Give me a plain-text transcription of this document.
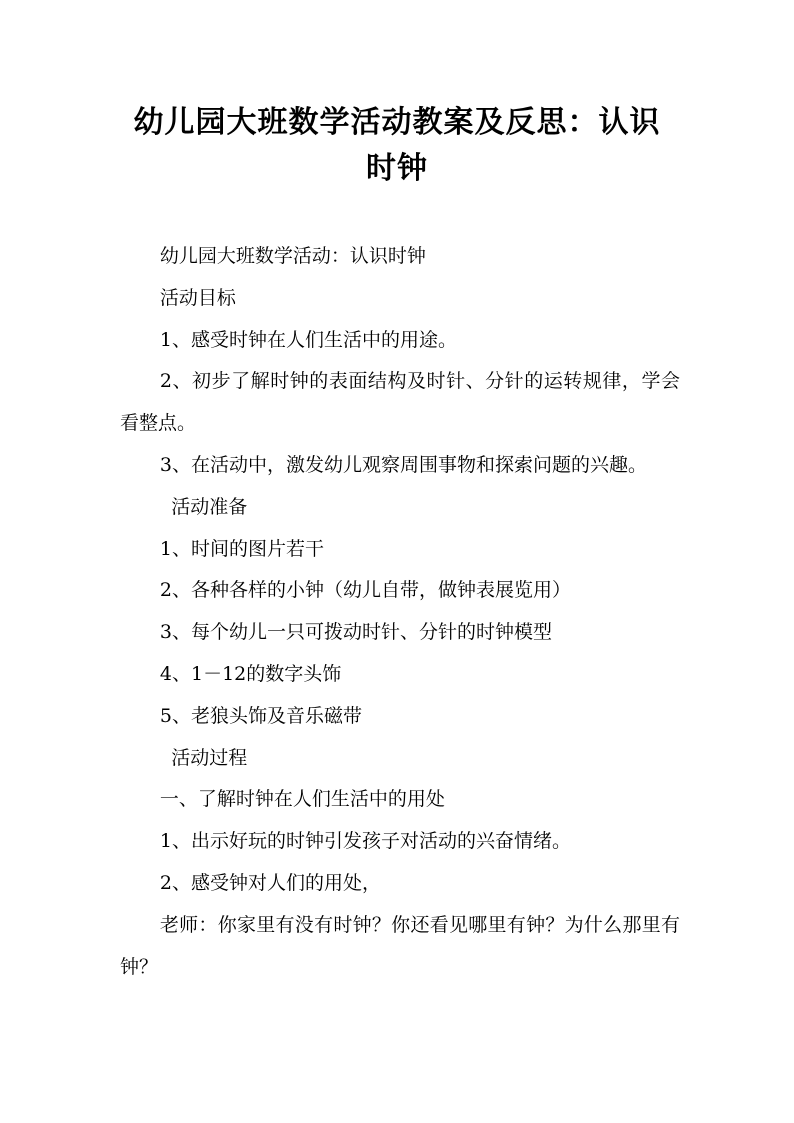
幼儿园大班数学活动教案及反思：认识
时钟

幼儿园大班数学活动：认识时钟

活动目标

1、感受时钟在人们生活中的用途。

2、初步了解时钟的表面结构及时针、分针的运转规律，学会看整点。

3、在活动中，激发幼儿观察周围事物和探索问题的兴趣。

活动准备

1、时间的图片若干

2、各种各样的小钟（幼儿自带，做钟表展览用）

3、每个幼儿一只可拨动时针、分针的时钟模型

4、1－12的数字头饰

5、老狼头饰及音乐磁带

活动过程

一、了解时钟在人们生活中的用处

1、出示好玩的时钟引发孩子对活动的兴奋情绪。

2、感受钟对人们的用处，

老师：你家里有没有时钟？你还看见哪里有钟？为什么那里有钟？
